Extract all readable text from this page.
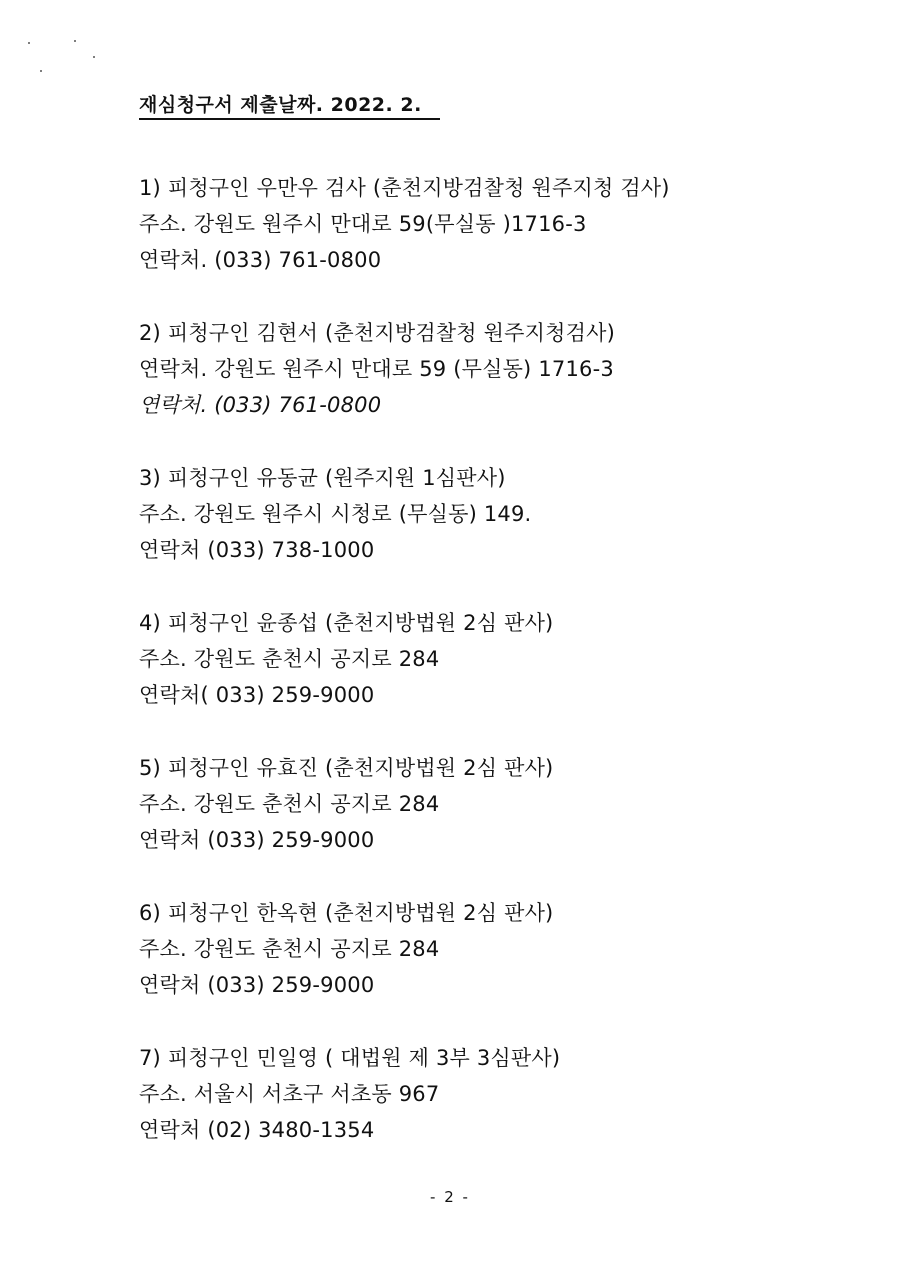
재심청구서 제출날짜. 2022. 2.
1) 피청구인 우만우 검사 (춘천지방검찰청 원주지청 검사)
주소. 강원도 원주시 만대로 59(무실동 )1716-3
연락처. (033) 761-0800
2) 피청구인 김현서 (춘천지방검찰청 원주지청검사)
연락처. 강원도 원주시 만대로 59 (무실동) 1716-3
연락처. (033) 761-0800
3) 피청구인 유동균 (원주지원 1심판사)
주소. 강원도 원주시 시청로 (무실동) 149.
연락처 (033) 738-1000
4) 피청구인 윤종섭 (춘천지방법원 2심 판사)
주소. 강원도 춘천시 공지로 284
연락처( 033) 259-9000
5) 피청구인 유효진 (춘천지방법원 2심 판사)
주소. 강원도 춘천시 공지로 284
연락처 (033) 259-9000
6) 피청구인 한옥현 (춘천지방법원 2심 판사)
주소. 강원도 춘천시 공지로 284
연락처 (033) 259-9000
7) 피청구인 민일영 ( 대법원 제 3부 3심판사)
주소. 서울시 서초구 서초동 967
연락처 (02) 3480-1354
- 2 -
